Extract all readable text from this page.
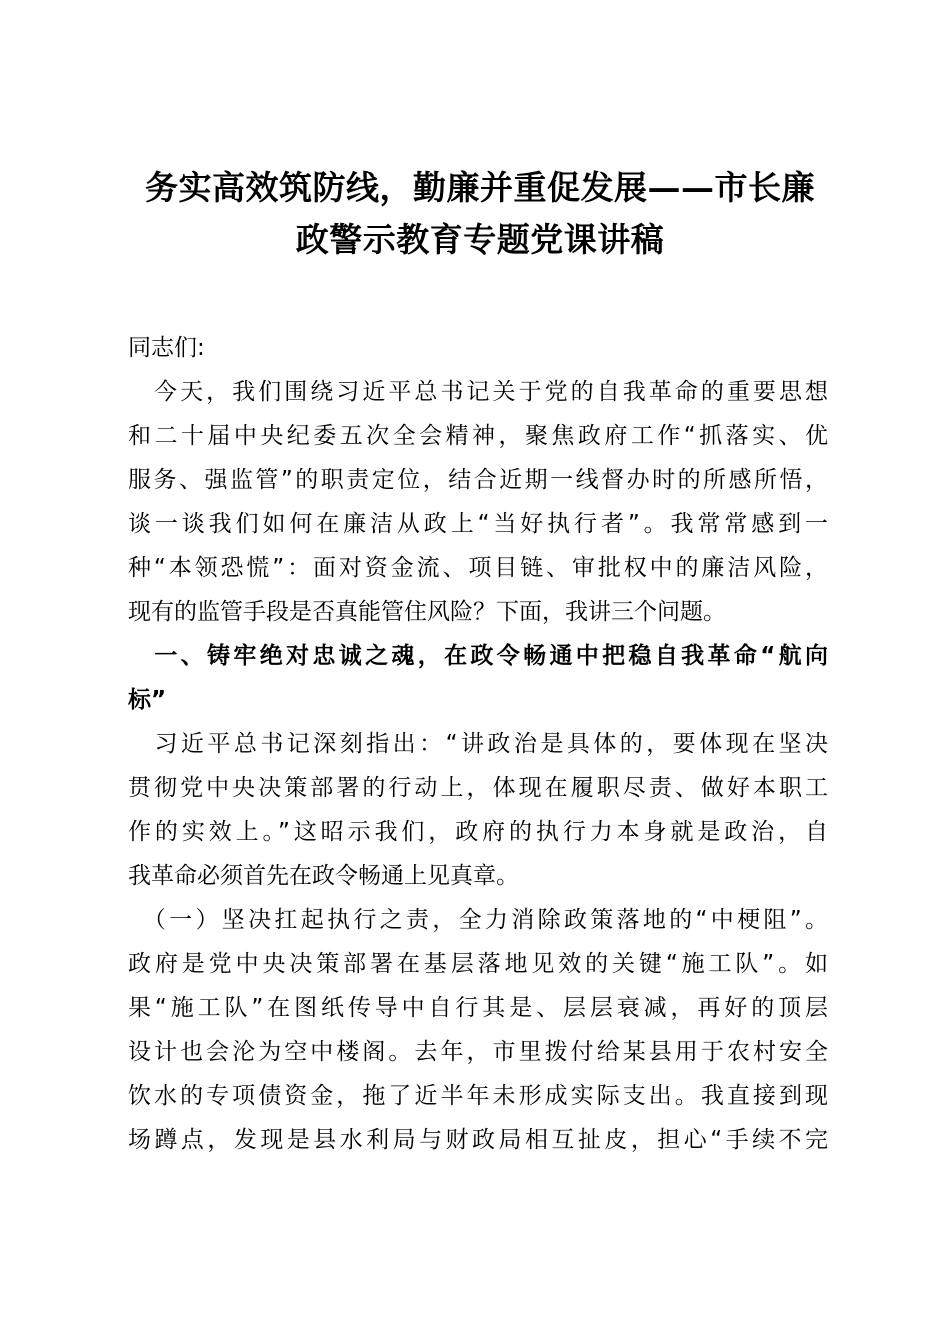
务实高效筑防线，勤廉并重促发展——市长廉
政警示教育专题党课讲稿
同志们:
　今天，我们围绕习近平总书记关于党的自我革命的重要思想
和二十届中央纪委五次全会精神，聚焦政府工作“抓落实、优
服务、强监管”的职责定位，结合近期一线督办时的所感所悟，
谈一谈我们如何在廉洁从政上“当好执行者”。我常常感到一
种“本领恐慌”：面对资金流、项目链、审批权中的廉洁风险，
现有的监管手段是否真能管住风险？下面，我讲三个问题。
　一、铸牢绝对忠诚之魂，在政令畅通中把稳自我革命“航向
标”
　习近平总书记深刻指出：“讲政治是具体的，要体现在坚决
贯彻党中央决策部署的行动上，体现在履职尽责、做好本职工
作的实效上。”这昭示我们，政府的执行力本身就是政治，自
我革命必须首先在政令畅通上见真章。
　（一）坚决扛起执行之责，全力消除政策落地的“中梗阻”。
政府是党中央决策部署在基层落地见效的关键“施工队”。如
果“施工队”在图纸传导中自行其是、层层衰减，再好的顶层
设计也会沦为空中楼阁。去年，市里拨付给某县用于农村安全
饮水的专项债资金，拖了近半年未形成实际支出。我直接到现
场蹲点，发现是县水利局与财政局相互扯皮，担心“手续不完
